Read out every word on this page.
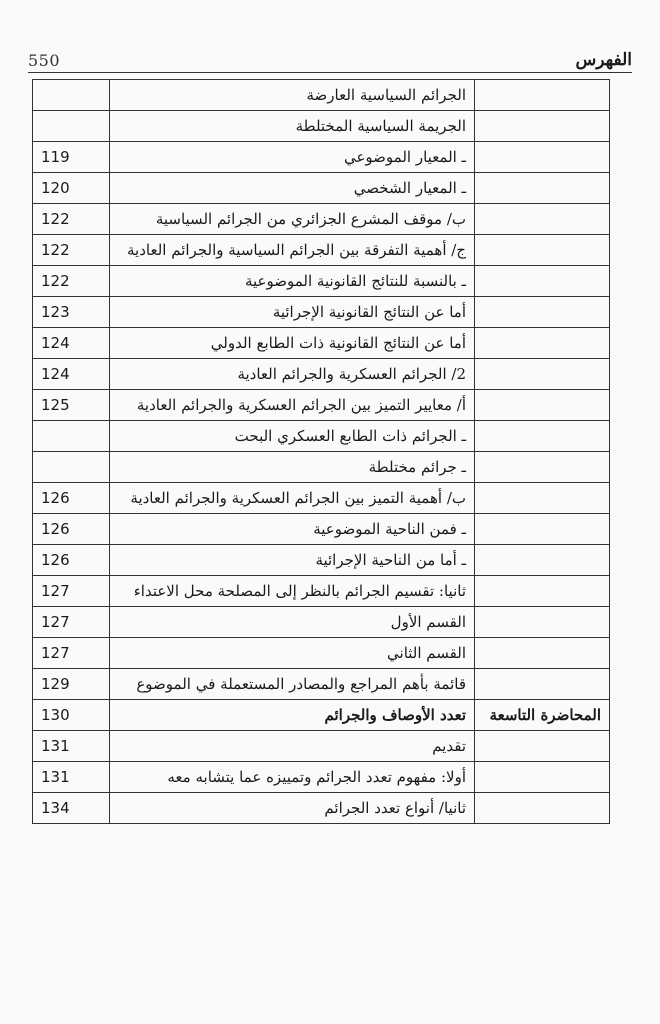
550	الفهرس
	الجرائم السياسية العارضة	
	الجريمة السياسية المختلطة	
	ـ المعيار الموضوعي	119
	ـ المعيار الشخصي	120
	ب/ موقف المشرع الجزائري من الجرائم السياسية	122
	ج/ أهمية التفرقة بين الجرائم السياسية والجرائم العادية	122
	ـ بالنسبة للنتائج القانونية الموضوعية	122
	أما عن النتائج القانونية الإجرائية	123
	أما عن النتائج القانونية ذات الطابع الدولي	124
	2/ الجرائم العسكرية والجرائم العادية	124
	أ/ معايير التميز بين الجرائم العسكرية والجرائم العادية	125
	ـ الجرائم ذات الطابع العسكري البحت	
	ـ جرائم مختلطة	
	ب/ أهمية التميز بين الجرائم العسكرية والجرائم العادية	126
	ـ فمن الناحية الموضوعية	126
	ـ أما من الناحية الإجرائية	126
	ثانيا: تقسيم الجرائم بالنظر إلى المصلحة محل الاعتداء	127
	القسم الأول	127
	القسم الثاني	127
	قائمة بأهم المراجع والمصادر المستعملة في الموضوع	129
المحاضرة التاسعة	تعدد الأوصاف والجرائم	130
	تقديم	131
	أولا: مفهوم تعدد الجرائم وتمييزه عما يتشابه معه	131
	ثانيا/ أنواع تعدد الجرائم	134
